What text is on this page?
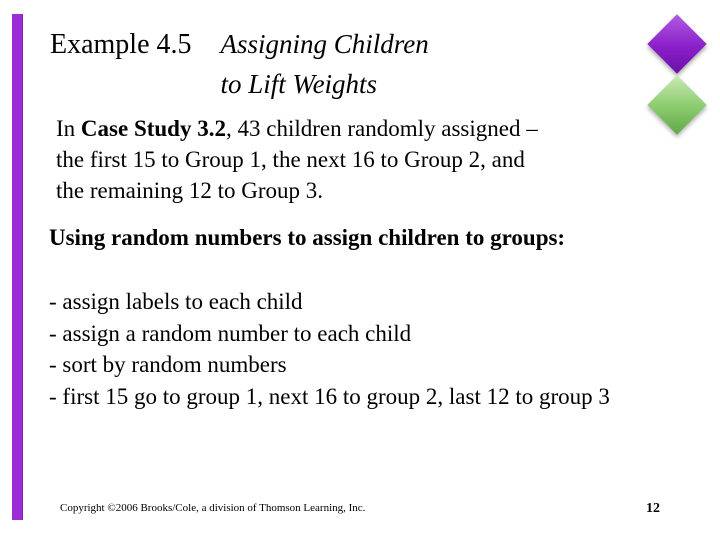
Example 4.5 Assigning Children
to Lift Weights
In Case Study 3.2, 43 children randomly assigned –
the first 15 to Group 1, the next 16 to Group 2, and
the remaining 12 to Group 3.
Using random numbers to assign children to groups:
- assign labels to each child
- assign a random number to each child
- sort by random numbers
- first 15 go to group 1, next 16 to group 2, last 12 to group 3
Copyright ©2006 Brooks/Cole, a division of Thomson Learning, Inc.	12
